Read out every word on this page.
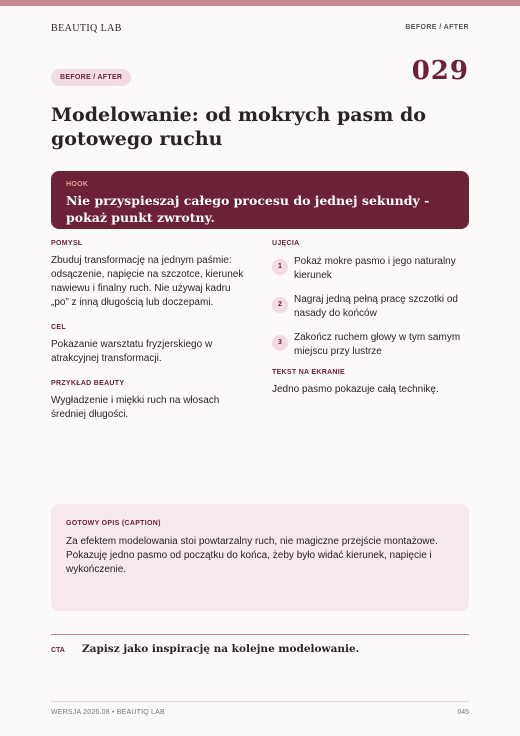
BEAUTIQ LAB	BEFORE / AFTER
BEFORE / AFTER	029
Modelowanie: od mokrych pasm do gotowego ruchu
HOOK
Nie przyspieszaj całego procesu do jednej sekundy - pokaż punkt zwrotny.
POMYSŁ
Zbuduj transformację na jednym paśmie: odsączenie, napięcie na szczotce, kierunek nawiewu i finalny ruch. Nie używaj kadru „po” z inną długością lub doczepami.
CEL
Pokazanie warsztatu fryzjerskiego w atrakcyjnej transformacji.
PRZYKŁAD BEAUTY
Wygładzenie i miękki ruch na włosach średniej długości.
UJĘCIA
1	Pokaż mokre pasmo i jego naturalny kierunek
2	Nagraj jedną pełną pracę szczotki od nasady do końców
3	Zakończ ruchem głowy w tym samym miejscu przy lustrze
TEKST NA EKRANIE
Jedno pasmo pokazuje całą technikę.
GOTOWY OPIS (CAPTION)
Za efektem modelowania stoi powtarzalny ruch, nie magiczne przejście montażowe. Pokazuję jedno pasmo od początku do końca, żeby było widać kierunek, napięcie i wykończenie.
CTA Zapisz jako inspirację na kolejne modelowanie.
WERSJA 2026.08 • BEAUTIQ LAB	045
